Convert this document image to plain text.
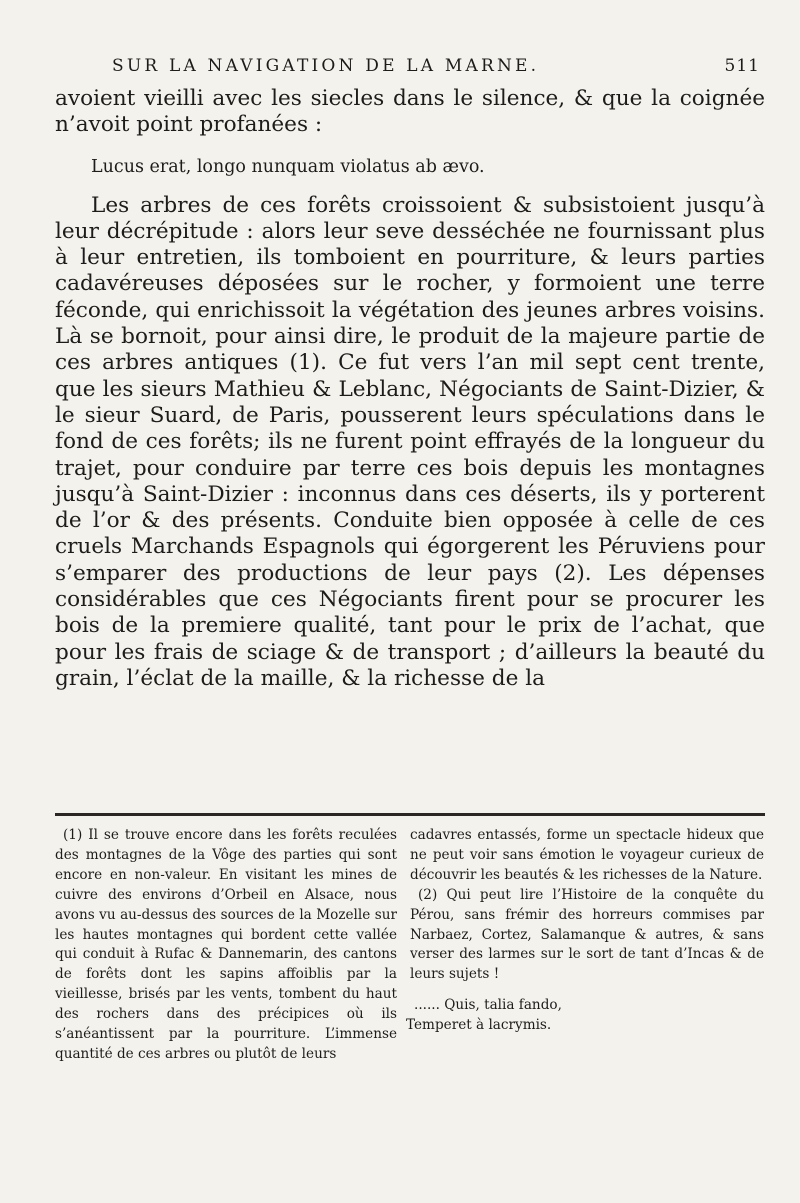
SUR LA NAVIGATION DE LA MARNE.	511

avoient vieilli avec les siecles dans le silence, & que la coignée n’avoit point profanées :

Lucus erat, longo nunquam violatus ab ævo.

Les arbres de ces forêts croissoient & subsistoient jusqu’à leur décrépitude : alors leur seve desséchée ne fournissant plus à leur entretien, ils tomboient en pourriture, & leurs parties cadavéreuses déposées sur le rocher, y formoient une terre féconde, qui enrichissoit la végétation des jeunes arbres voisins. Là se bornoit, pour ainsi dire, le produit de la majeure partie de ces arbres antiques (1). Ce fut vers l’an mil sept cent trente, que les sieurs Mathieu & Leblanc, Négociants de Saint-Dizier, & le sieur Suard, de Paris, pousserent leurs spéculations dans le fond de ces forêts; ils ne furent point effrayés de la longueur du trajet, pour conduire par terre ces bois depuis les montagnes jusqu’à Saint-Dizier : inconnus dans ces déserts, ils y porterent de l’or & des présents. Conduite bien opposée à celle de ces cruels Marchands Espagnols qui égorgerent les Péruviens pour s’emparer des productions de leur pays (2). Les dépenses considérables que ces Négociants firent pour se procurer les bois de la premiere qualité, tant pour le prix de l’achat, que pour les frais de sciage & de transport ; d’ailleurs la beauté du grain, l’éclat de la maille, & la richesse de la

(1) Il se trouve encore dans les forêts reculées des montagnes de la Vôge des parties qui sont encore en non-valeur. En visitant les mines de cuivre des environs d’Orbeil en Alsace, nous avons vu au-dessus des sources de la Mozelle sur les hautes montagnes qui bordent cette vallée qui conduit à Rufac & Dannemarin, des cantons de forêts dont les sapins affoiblis par la vieillesse, brisés par les vents, tombent du haut des rochers dans des précipices où ils s’anéantissent par la pourriture. L’immense quantité de ces arbres ou plutôt de leurs

cadavres entassés, forme un spectacle hideux que ne peut voir sans émotion le voyageur curieux de découvrir les beautés & les richesses de la Nature.

(2) Qui peut lire l’Histoire de la conquête du Pérou, sans frémir des horreurs commises par Narbaez, Cortez, Salamanque & autres, & sans verser des larmes sur le sort de tant d’Incas & de leurs sujets !

...... Quis, talia fando,
Temperet à lacrymis.
